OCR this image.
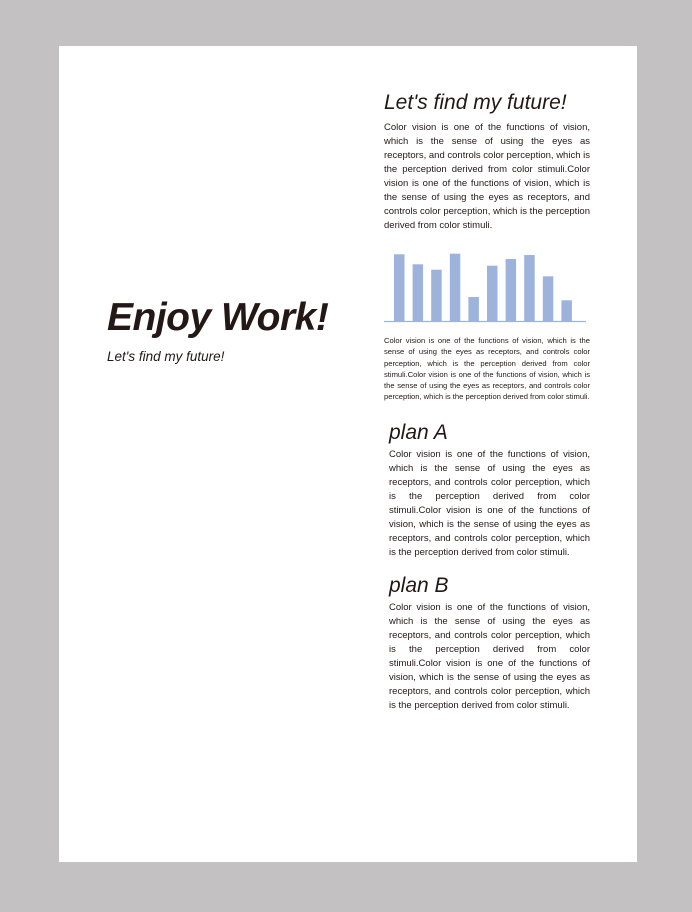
Enjoy Work!

Let's find my future!

Let's find my future!

Color vision is one of the functions of vision, which is the sense of using the eyes as receptors, and controls color perception, which is the perception derived from color stimuli.Color vision is one of the functions of vision, which is the sense of using the eyes as receptors, and controls color perception, which is the perception derived from color stimuli.

Color vision is one of the functions of vision, which is the sense of using the eyes as receptors, and controls color perception, which is the perception derived from color stimuli.Color vision is one of the functions of vision, which is the sense of using the eyes as receptors, and controls color perception, which is the perception derived from color stimuli.

plan A

Color vision is one of the functions of vision, which is the sense of using the eyes as receptors, and controls color perception, which is the perception derived from color stimuli.Color vision is one of the functions of vision, which is the sense of using the eyes as receptors, and controls color perception, which is the perception derived from color stimuli.

plan B

Color vision is one of the functions of vision, which is the sense of using the eyes as receptors, and controls color perception, which is the perception derived from color stimuli.Color vision is one of the functions of vision, which is the sense of using the eyes as receptors, and controls color perception, which is the perception derived from color stimuli.
